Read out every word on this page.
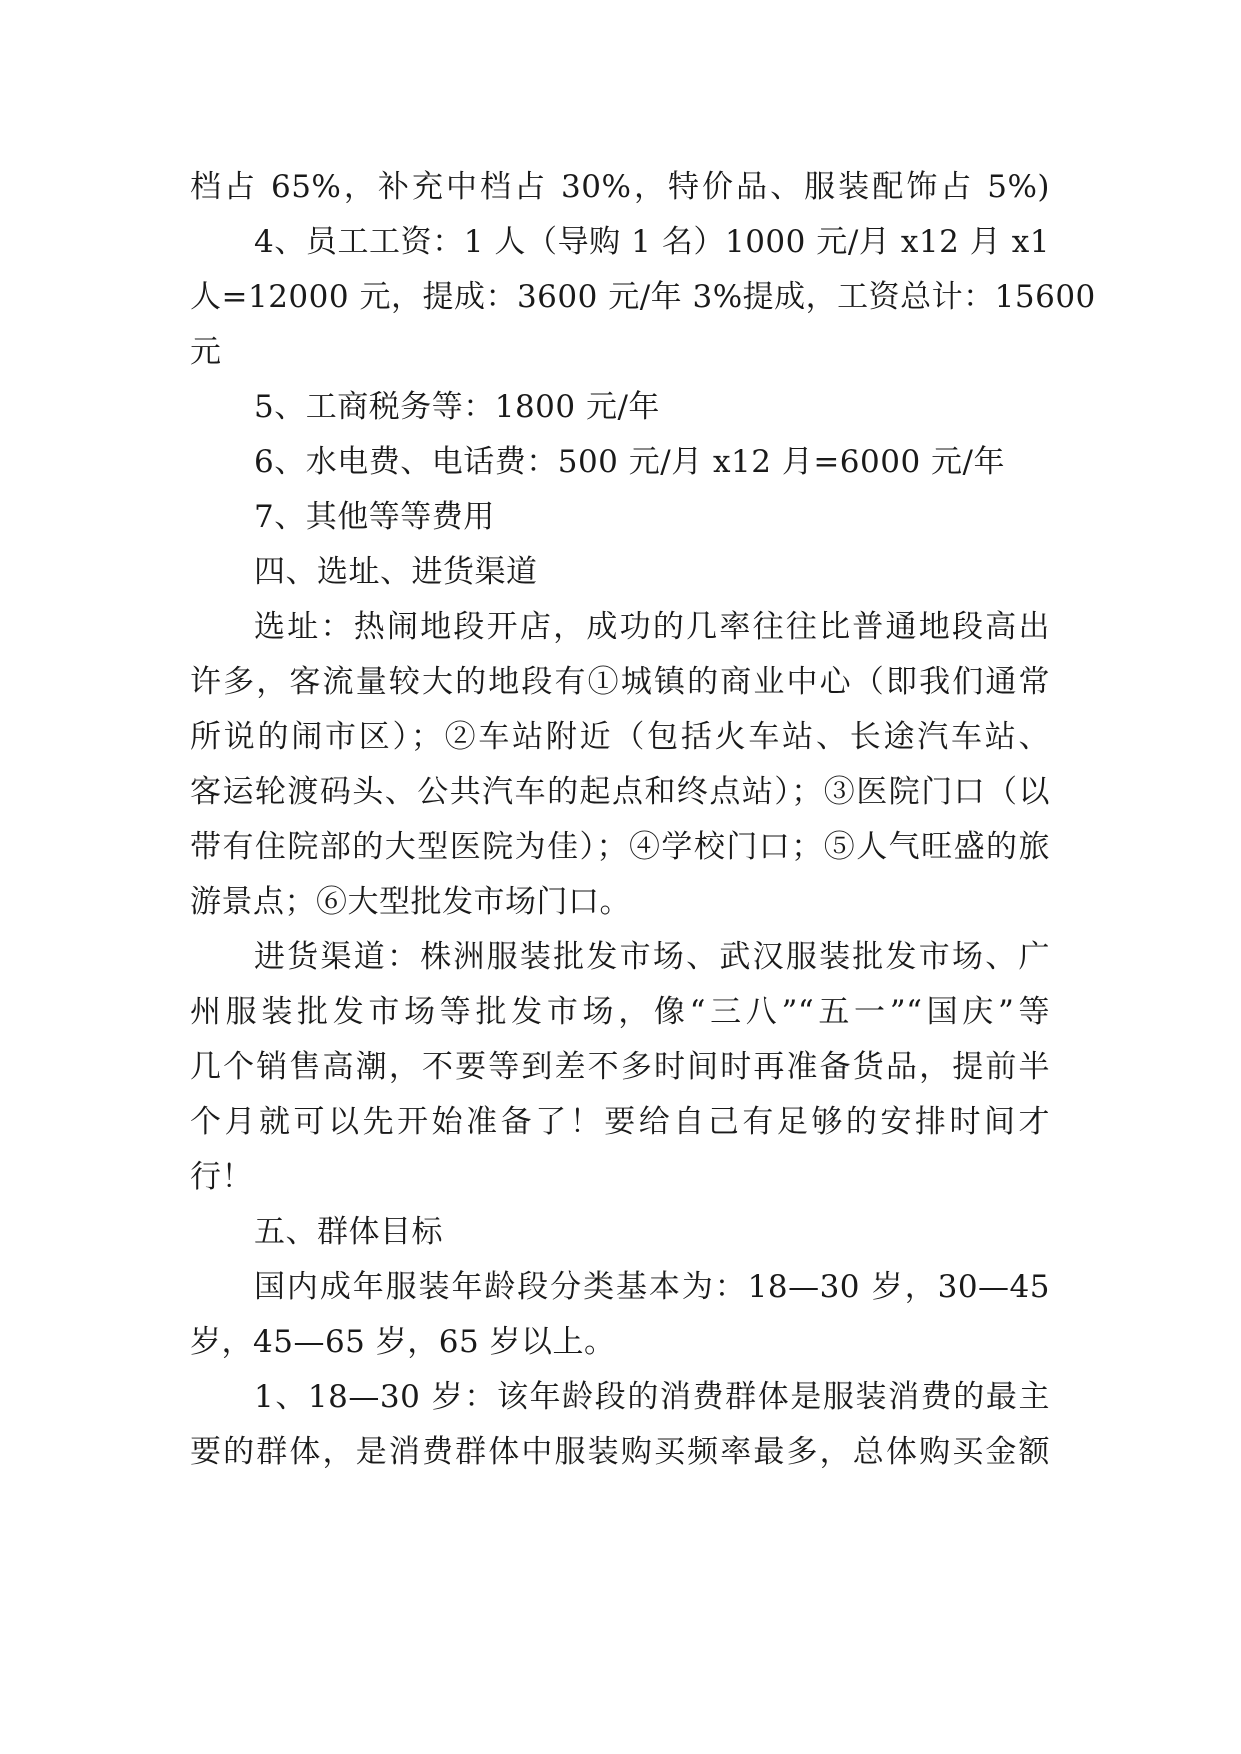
档占 65%，补充中档占 30%，特价品、服装配饰占 5%)
4、员工工资：1 人（导购 1 名）1000 元/月 x12 月 x1
人=12000 元，提成：3600 元/年 3%提成，工资总计：15600
元
5、工商税务等：1800 元/年
6、水电费、电话费：500 元/月 x12 月=6000 元/年
7、其他等等费用
四、选址、进货渠道
选址：热闹地段开店，成功的几率往往比普通地段高出
许多，客流量较大的地段有①城镇的商业中心（即我们通常
所说的闹市区）；②车站附近（包括火车站、长途汽车站、
客运轮渡码头、公共汽车的起点和终点站）；③医院门口（以
带有住院部的大型医院为佳）；④学校门口；⑤人气旺盛的旅
游景点；⑥大型批发市场门口。
进货渠道：株洲服装批发市场、武汉服装批发市场、广
州服装批发市场等批发市场，像“三八”“五一”“国庆”等
几个销售高潮，不要等到差不多时间时再准备货品，提前半
个月就可以先开始准备了！要给自己有足够的安排时间才
行！
五、群体目标
国内成年服装年龄段分类基本为：18—30 岁，30—45
岁，45—65 岁，65 岁以上。
1、18—30 岁：该年龄段的消费群体是服装消费的最主
要的群体，是消费群体中服装购买频率最多，总体购买金额
